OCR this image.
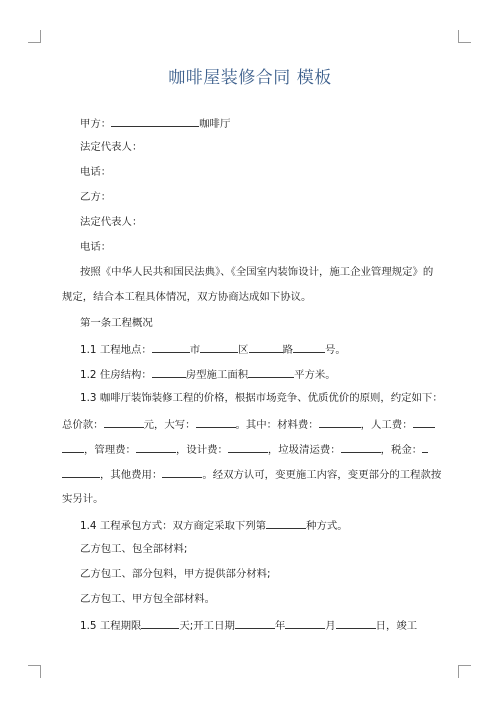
咖啡屋装修合同 模板
甲方：	咖啡厅
法定代表人：
电话：
乙方：
法定代表人：
电话：
按照《中华人民共和国民法典》、《全国室内装饰设计，施工企业管理规定》的
规定，结合本工程具体情况，双方协商达成如下协议。
第一条工程概况
1.1 工程地点：	市	区	路	号。
1.2 住房结构：	房型施工面积	平方米。
1.3 咖啡厅装饰装修工程的价格，根据市场竞争、优质优价的原则，约定如下：
总价款：	元，大写：	。其中：材料费：	，人工费：
，管理费：	，设计费：	，垃圾清运费：	，税金：
，其他费用：	。经双方认可，变更施工内容，变更部分的工程款按
实另计。
1.4 工程承包方式：双方商定采取下列第	种方式。
乙方包工、包全部材料;
乙方包工、部分包料，甲方提供部分材料;
乙方包工、甲方包全部材料。
1.5 工程期限	天;开工日期	年	月	日，竣工
